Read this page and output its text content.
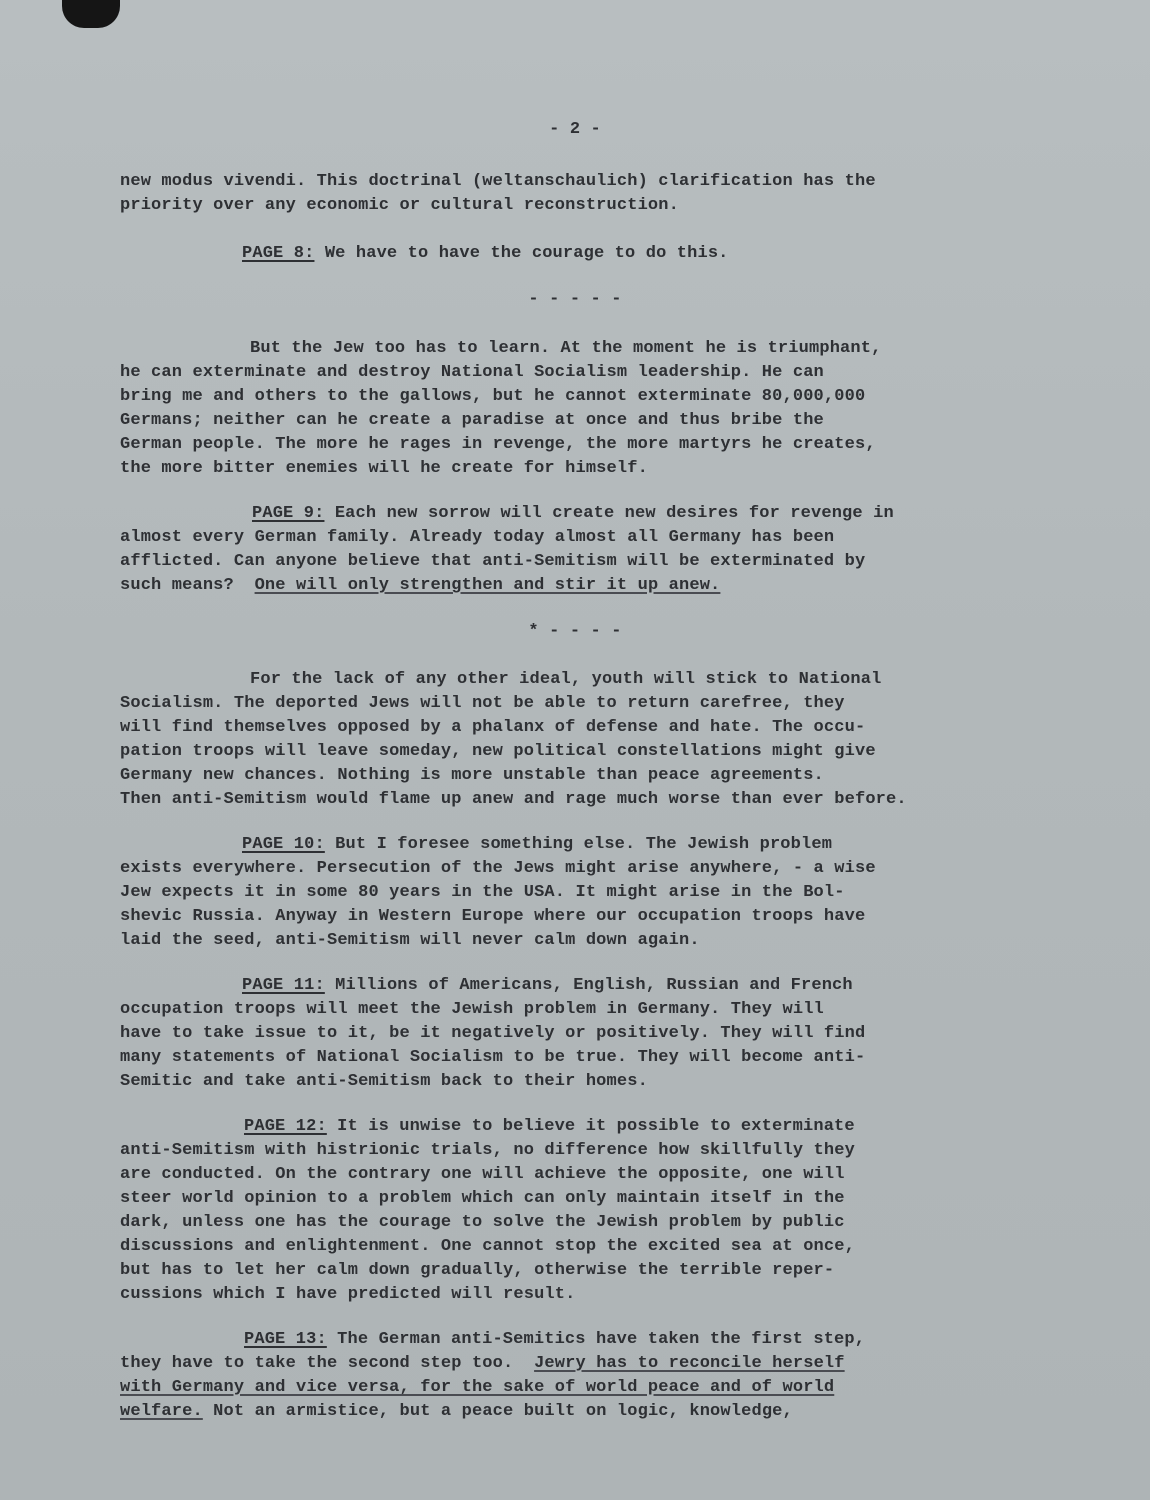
- 2 -

new modus vivendi. This doctrinal (weltanschaulich) clarification has the

priority over any economic or cultural reconstruction.

PAGE 8: We have to have the courage to do this.

- - - - -

But the Jew too has to learn. At the moment he is triumphant,

he can exterminate and destroy National Socialism leadership. He can

bring me and others to the gallows, but he cannot exterminate 80,000,000

Germans; neither can he create a paradise at once and thus bribe the

German people. The more he rages in revenge, the more martyrs he creates,

the more bitter enemies will he create for himself.

PAGE 9: Each new sorrow will create new desires for revenge in

almost every German family. Already today almost all Germany has been

afflicted. Can anyone believe that anti-Semitism will be exterminated by

such means?  One will only strengthen and stir it up anew.

* - - - -

For the lack of any other ideal, youth will stick to National

Socialism. The deported Jews will not be able to return carefree, they

will find themselves opposed by a phalanx of defense and hate. The occu-

pation troops will leave someday, new political constellations might give

Germany new chances. Nothing is more unstable than peace agreements.

Then anti-Semitism would flame up anew and rage much worse than ever before.

PAGE 10: But I foresee something else. The Jewish problem

exists everywhere. Persecution of the Jews might arise anywhere, - a wise

Jew expects it in some 80 years in the USA. It might arise in the Bol-

shevic Russia. Anyway in Western Europe where our occupation troops have

laid the seed, anti-Semitism will never calm down again.

PAGE 11: Millions of Americans, English, Russian and French

occupation troops will meet the Jewish problem in Germany. They will

have to take issue to it, be it negatively or positively. They will find

many statements of National Socialism to be true. They will become anti-

Semitic and take anti-Semitism back to their homes.

PAGE 12: It is unwise to believe it possible to exterminate

anti-Semitism with histrionic trials, no difference how skillfully they

are conducted. On the contrary one will achieve the opposite, one will

steer world opinion to a problem which can only maintain itself in the

dark, unless one has the courage to solve the Jewish problem by public

discussions and enlightenment. One cannot stop the excited sea at once,

but has to let her calm down gradually, otherwise the terrible reper-

cussions which I have predicted will result.

PAGE 13: The German anti-Semitics have taken the first step,

they have to take the second step too.  Jewry has to reconcile herself

with Germany and vice versa, for the sake of world peace and of world

welfare. Not an armistice, but a peace built on logic, knowledge,
